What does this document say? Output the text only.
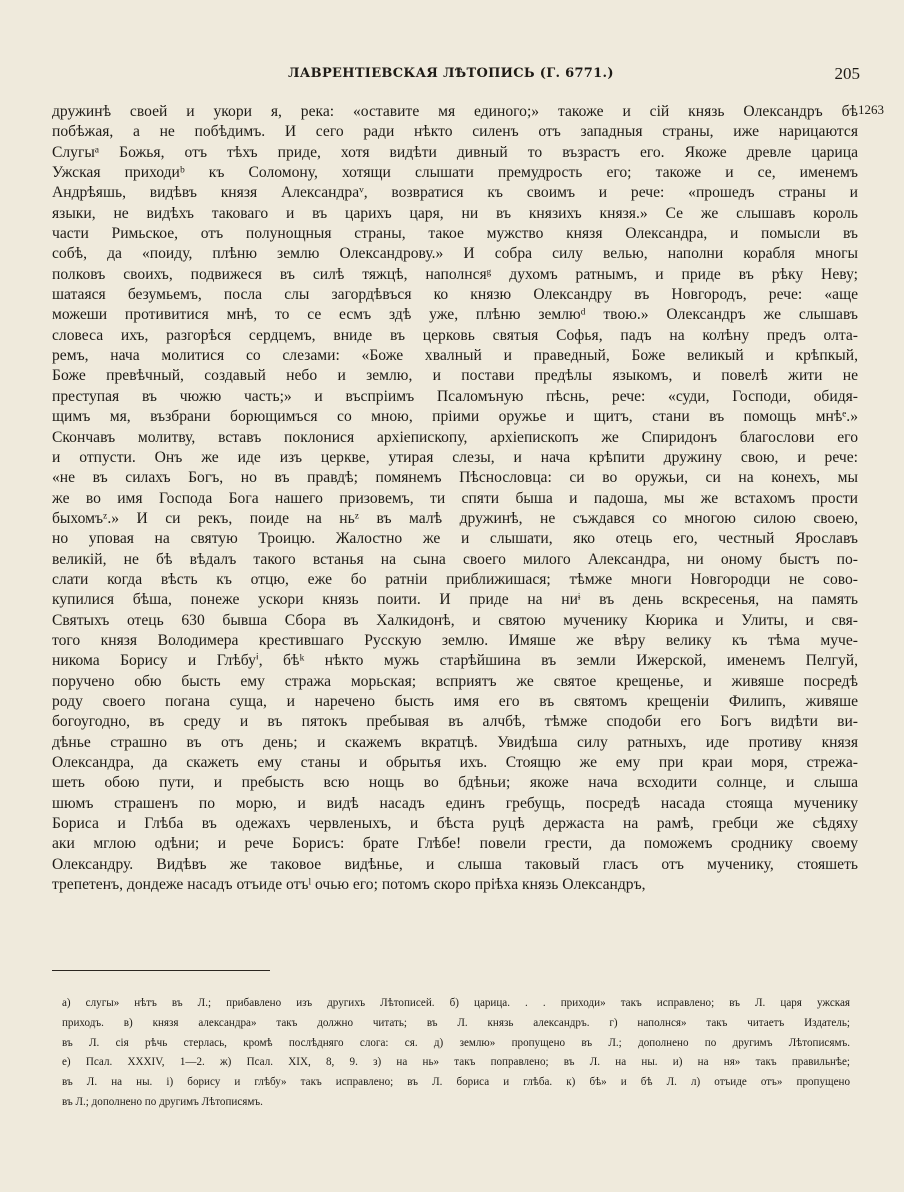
ЛАВРЕНТІЕВСКАЯ ЛѢТОПИСЬ (Г. 6771.)	205
1263
дружинѣ своей и укори я, река: «оставите мя единого;» такоже и сій князь Олександръ бѣ
побѣжая, а не побѣдимъ. И сего ради нѣкто силенъ отъ западныя страны, иже нарицаются
Слугыᵃ Божья, отъ тѣхъ приде, хотя видѣти дивный то възрастъ его. Якоже древле царица
Ужская приходиᵇ къ Соломону, хотящи слышати премудрость его; такоже и се, именемъ
Андрѣяшь, видѣвъ князя Александраᵛ, возвратися къ своимъ и рече: «прошедъ страны и
языки, не видѣхъ таковаго и въ царихъ царя, ни въ князихъ князя.» Се же слышавъ король
части Римьское, отъ полунощныя страны, такое мужство князя Олександра, и помысли въ
собѣ, да «поиду, плѣню землю Олександрову.» И собра силу велью, наполни корабля многы
полковъ своихъ, подвижеся въ силѣ тяжцѣ, наполнсяᵍ духомъ ратнымъ, и приде въ рѣку Неву;
шатаяся безумьемъ, посла слы загордѣвъся ко князю Олександру въ Новгородъ, рече: «аще
можеши противитися мнѣ, то се есмъ здѣ уже, плѣню землюᵈ твою.» Олександръ же слышавъ
словеса ихъ, разгорѣся сердцемъ, вниде въ церковь святыя Софья, падъ на колѣну предъ олта-
ремъ, нача молитися со слезами: «Боже хвалный и праведный, Боже великый и крѣпкый,
Боже превѣчный, создавый небо и землю, и постави предѣлы языкомъ, и повелѣ жити не
преступая въ чюжю часть;» и въспріимъ Псаломъную пѣснь, рече: «суди, Господи, обидя-
щимъ мя, възбрани борющимъся со мною, пріими оружье и щитъ, стани въ помощь мнѣᵉ.»
Скончавъ молитву, вставъ поклонися архіепископу, архіепископъ же Спиридонъ благослови его
и отпусти. Онъ же иде изъ церкве, утирая слезы, и нача крѣпити дружину свою, и рече:
«не въ силахъ Богъ, но въ правдѣ; помянемъ Пѣснословца: си во оружьи, си на конехъ, мы
же во имя Господа Бога нашего призовемъ, ти спяти быша и падоша, мы же встахомъ прости
быхомъᶻ.» И си рекъ, поиде на ньᶻ въ малѣ дружинѣ, не съждався со многою силою своею,
но уповая на святую Троицю. Жалостно же и слышати, яко отець его, честный Ярославъ
великій, не бѣ вѣдалъ такого встанья на сына своего милого Александра, ни оному быстъ по-
слати когда вѣсть къ отцю, еже бо ратніи приближишася; тѣмже многи Новгородци не сово-
купилися бѣша, понеже ускори князь поити. И приде на ниᶤ въ день вскресенья, на память
Святыхъ отець 630 бывша Сбора въ Халкидонѣ, и святою мученику Кюрика и Улиты, и свя-
того князя Володимера крестившаго Русскую землю. Имяше же вѣру велику къ тѣма муче-
никома Борису и Глѣбуⁱ, бѣᵏ нѣкто мужь старѣйшина въ земли Ижерской, именемъ Пелгуй,
поручено обю бысть ему стража морьская; всприятъ же святое крещенье, и живяше посредѣ
роду своего погана суща, и наречено бысть имя его въ святомъ крещеніи Филипъ, живяше
богоугодно, въ среду и въ пятокъ пребывая въ алчбѣ, тѣмже сподоби его Богъ видѣти ви-
дѣнье страшно въ отъ день; и скажемъ вкратцѣ. Увидѣша силу ратныхъ, иде противу князя
Олександра, да скажеть ему станы и обрытья ихъ. Стоящю же ему при краи моря, стрежа-
шеть обою пути, и пребысть всю нощь во бдѣньи; якоже нача всходити солнце, и слыша
шюмъ страшенъ по морю, и видѣ насадъ единъ гребущь, посредѣ насада стояща мученику
Бориса и Глѣба въ одежахъ червленыхъ, и бѣста руцѣ держаста на рамѣ, гребци же сѣдяху
аки мглою одѣни; и рече Борисъ: брате Глѣбе! повели грести, да поможемъ сроднику своему
Олександру. Видѣвъ же таковое видѣнье, и слыша таковый гласъ отъ мученику, стояшеть
трепетенъ, дондеже насадъ отъиде отъˡ очью его; потомъ скоро пріѣха князь Олександръ,
а) слугы» нѣтъ въ Л.; прибавлено изъ другихъ Лѣтописей. б) царица. . . приходи» такъ исправлено; въ Л. царя ужская
приходъ. в) князя александра» такъ должно читать; въ Л. князь александръ. г) наполнся» такъ читаетъ Издатель;
въ Л. сія рѣчь стерлась, кромѣ послѣдняго слога: ся. д) землю» пропущено въ Л.; дополнено по другимъ Лѣтописямъ.
е) Псал. XXXIV, 1—2. ж) Псал. XIX, 8, 9. з) на нь» такъ поправлено; въ Л. на ны. и) на ня» такъ правильнѣе;
въ Л. на ны. і) борису и глѣбу» такъ исправлено; въ Л. бориса и глѣба. к) бѣ» и бѣ Л. л) отъиде отъ» пропущено
въ Л.; дополнено по другимъ Лѣтописямъ.
